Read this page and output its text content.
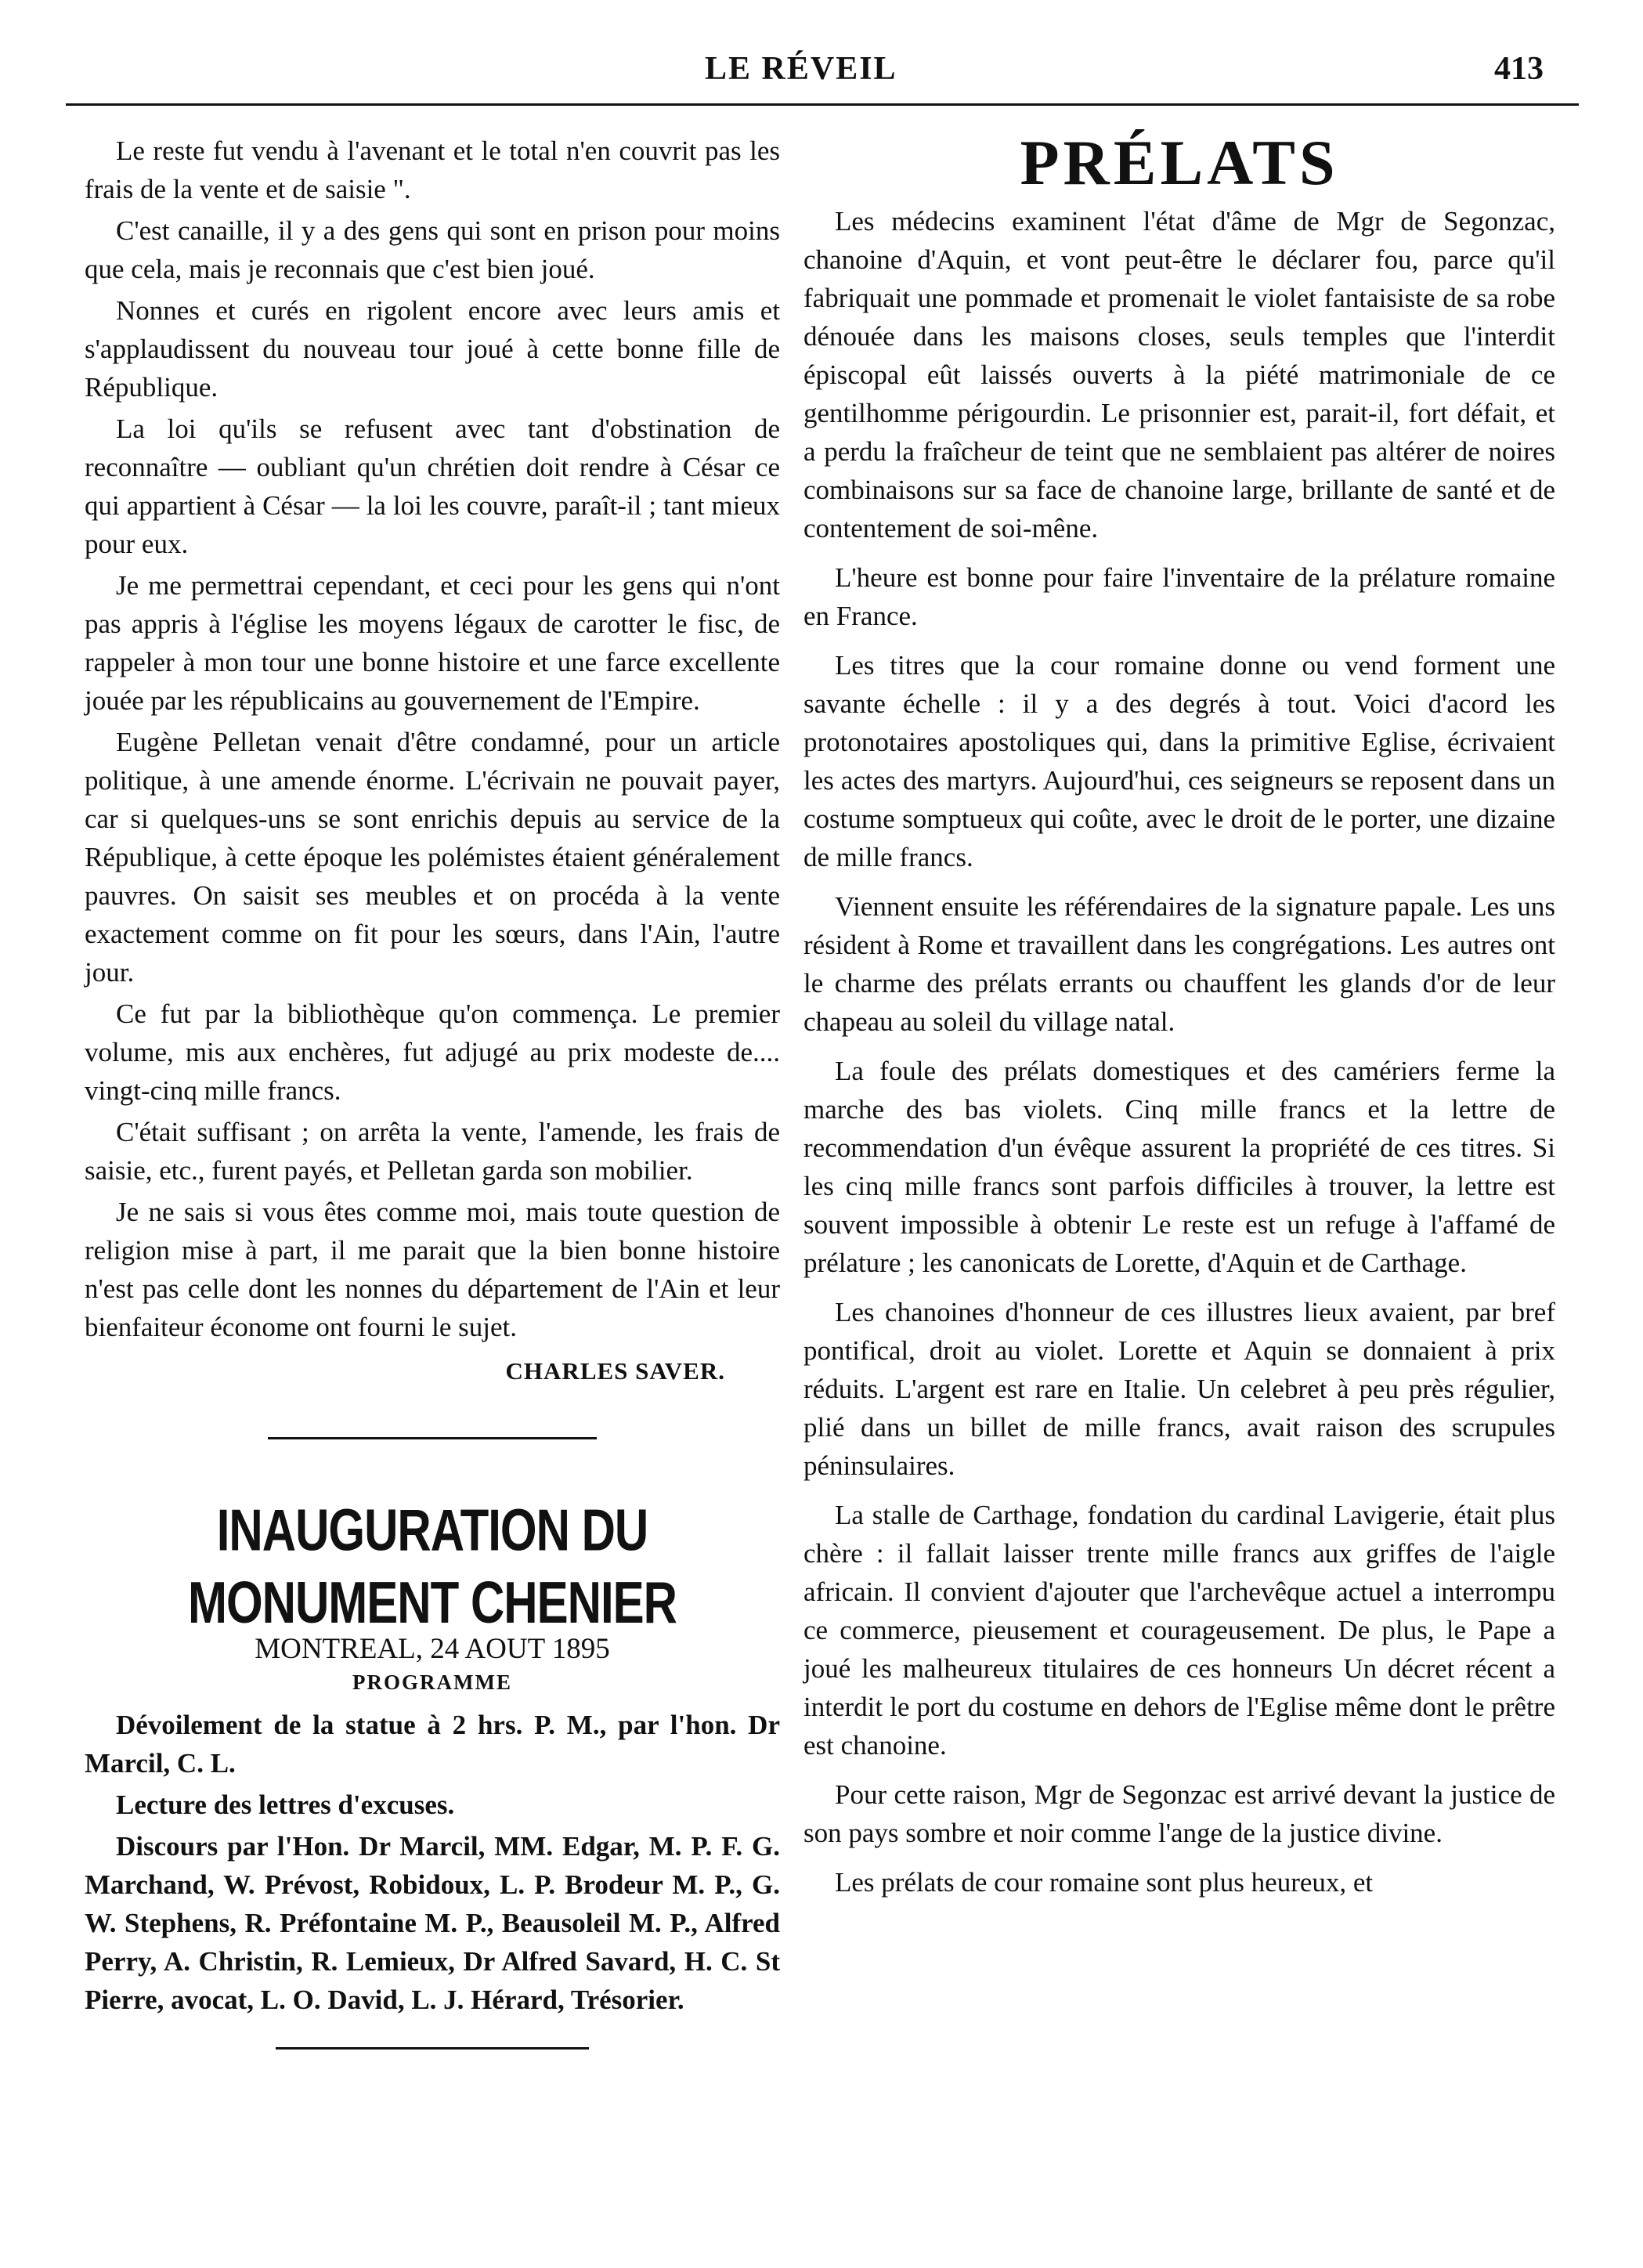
LE RÉVEIL	413

Le reste fut vendu à l'avenant et le total n'en couvrit pas les frais de la vente et de saisie ".

C'est canaille, il y a des gens qui sont en prison pour moins que cela, mais je reconnais que c'est bien joué.

Nonnes et curés en rigolent encore avec leurs amis et s'applaudissent du nouveau tour joué à cette bonne fille de République.

La loi qu'ils se refusent avec tant d'obstination de reconnaître — oubliant qu'un chrétien doit rendre à César ce qui appartient à César — la loi les couvre, paraît-il ; tant mieux pour eux.

Je me permettrai cependant, et ceci pour les gens qui n'ont pas appris à l'église les moyens légaux de carotter le fisc, de rappeler à mon tour une bonne histoire et une farce excellente jouée par les républicains au gouvernement de l'Empire.

Eugène Pelletan venait d'être condamné, pour un article politique, à une amende énorme. L'écrivain ne pouvait payer, car si quelques-uns se sont enrichis depuis au service de la République, à cette époque les polémistes étaient généralement pauvres. On saisit ses meubles et on procéda à la vente exactement comme on fit pour les sœurs, dans l'Ain, l'autre jour.

Ce fut par la bibliothèque qu'on commença. Le premier volume, mis aux enchères, fut adjugé au prix modeste de.... vingt-cinq mille francs.

C'était suffisant ; on arrêta la vente, l'amende, les frais de saisie, etc., furent payés, et Pelletan garda son mobilier.

Je ne sais si vous êtes comme moi, mais toute question de religion mise à part, il me parait que la bien bonne histoire n'est pas celle dont les nonnes du département de l'Ain et leur bienfaiteur économe ont fourni le sujet.

CHARLES SAVER.
INAUGURATION DU MONUMENT CHENIER
MONTREAL, 24 AOUT 1895
PROGRAMME

Dévoilement de la statue à 2 hrs. P. M., par l'hon. Dr Marcil, C. L.

Lecture des lettres d'excuses.

Discours par l'Hon. Dr Marcil, MM. Edgar, M. P. F. G. Marchand, W. Prévost, Robidoux, L. P. Brodeur M. P., G. W. Stephens, R. Préfontaine M. P., Beausoleil M. P., Alfred Perry, A. Christin, R. Lemieux, Dr Alfred Savard, H. C. St Pierre, avocat, L. O. David, L. J. Hérard, Trésorier.

PRÉLATS

Les médecins examinent l'état d'âme de Mgr de Segonzac, chanoine d'Aquin, et vont peut-être le déclarer fou, parce qu'il fabriquait une pommade et promenait le violet fantaisiste de sa robe dénouée dans les maisons closes, seuls temples que l'interdit épiscopal eût laissés ouverts à la piété matrimoniale de ce gentilhomme périgourdin. Le prisonnier est, parait-il, fort défait, et a perdu la fraîcheur de teint que ne semblaient pas altérer de noires combinaisons sur sa face de chanoine large, brillante de santé et de contentement de soi-mêne.

L'heure est bonne pour faire l'inventaire de la prélature romaine en France.

Les titres que la cour romaine donne ou vend forment une savante échelle : il y a des degrés à tout. Voici d'acord les protonotaires apostoliques qui, dans la primitive Eglise, écrivaient les actes des martyrs. Aujourd'hui, ces seigneurs se reposent dans un costume somptueux qui coûte, avec le droit de le porter, une dizaine de mille francs.

Viennent ensuite les référendaires de la signature papale. Les uns résident à Rome et travaillent dans les congrégations. Les autres ont le charme des prélats errants ou chauffent les glands d'or de leur chapeau au soleil du village natal.

La foule des prélats domestiques et des camériers ferme la marche des bas violets. Cinq mille francs et la lettre de recommendation d'un évêque assurent la propriété de ces titres. Si les cinq mille francs sont parfois difficiles à trouver, la lettre est souvent impossible à obtenir Le reste est un refuge à l'affamé de prélature ; les canonicats de Lorette, d'Aquin et de Carthage.

Les chanoines d'honneur de ces illustres lieux avaient, par bref pontifical, droit au violet. Lorette et Aquin se donnaient à prix réduits. L'argent est rare en Italie. Un celebret à peu près régulier, plié dans un billet de mille francs, avait raison des scrupules péninsulaires.

La stalle de Carthage, fondation du cardinal Lavigerie, était plus chère : il fallait laisser trente mille francs aux griffes de l'aigle africain. Il convient d'ajouter que l'archevêque actuel a interrompu ce commerce, pieusement et courageusement. De plus, le Pape a joué les malheureux titulaires de ces honneurs Un décret récent a interdit le port du costume en dehors de l'Eglise même dont le prêtre est chanoine.

Pour cette raison, Mgr de Segonzac est arrivé devant la justice de son pays sombre et noir comme l'ange de la justice divine.

Les prélats de cour romaine sont plus heureux, et
